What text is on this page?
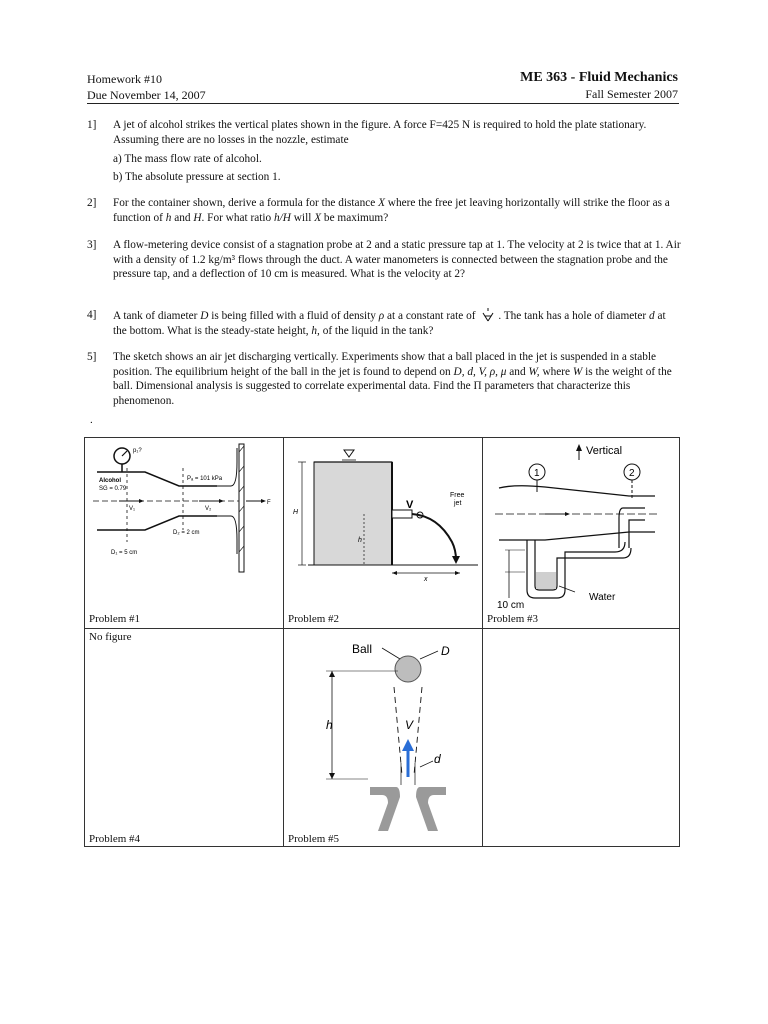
Homework #10
Due November 14, 2007
ME 363 - Fluid Mechanics
Fall Semester 2007
1]	A jet of alcohol strikes the vertical plates shown in the figure. A force F=425 N is required to hold the plate stationary. Assuming there are no losses in the nozzle, estimate
a) The mass flow rate of alcohol.
b) The absolute pressure at section 1.
2]	For the container shown, derive a formula for the distance X where the free jet leaving horizontally will strike the floor as a function of h and H. For what ratio h/H will X be maximum?
3]	A flow-metering device consist of a stagnation probe at 2 and a static pressure tap at 1. The velocity at 2 is twice that at 1. Air with a density of 1.2 kg/m³ flows through the duct. A water manometers is connected between the stagnation probe and the pressure tap, and a deflection of 10 cm is measured. What is the velocity at 2?
4]	A tank of diameter D is being filled with a fluid of density ρ at a constant rate of . The tank has a hole of diameter d at the bottom. What is the steady-state height, h, of the liquid in the tank?
5]	The sketch shows an air jet discharging vertically. Experiments show that a ball placed in the jet is suspended in a stable position. The equilibrium height of the ball in the jet is found to depend on D, d, V, ρ, μ and W, where W is the weight of the ball. Dimensional analysis is suggested to correlate experimental data. Find the Π parameters that characterize this phenomenon.
.
p₁?
Alcohol
SG = 0.79
Pₐ = 101 kPa
V₁	V₂
F
D₂ = 2 cm
D₁ = 5 cm
Problem #1
H
h
V
Free
jet
x
Problem #2
Vertical
1	2
10 cm
Water
Problem #3
No figure
Problem #4
Ball	D
h	V
d
Problem #5
